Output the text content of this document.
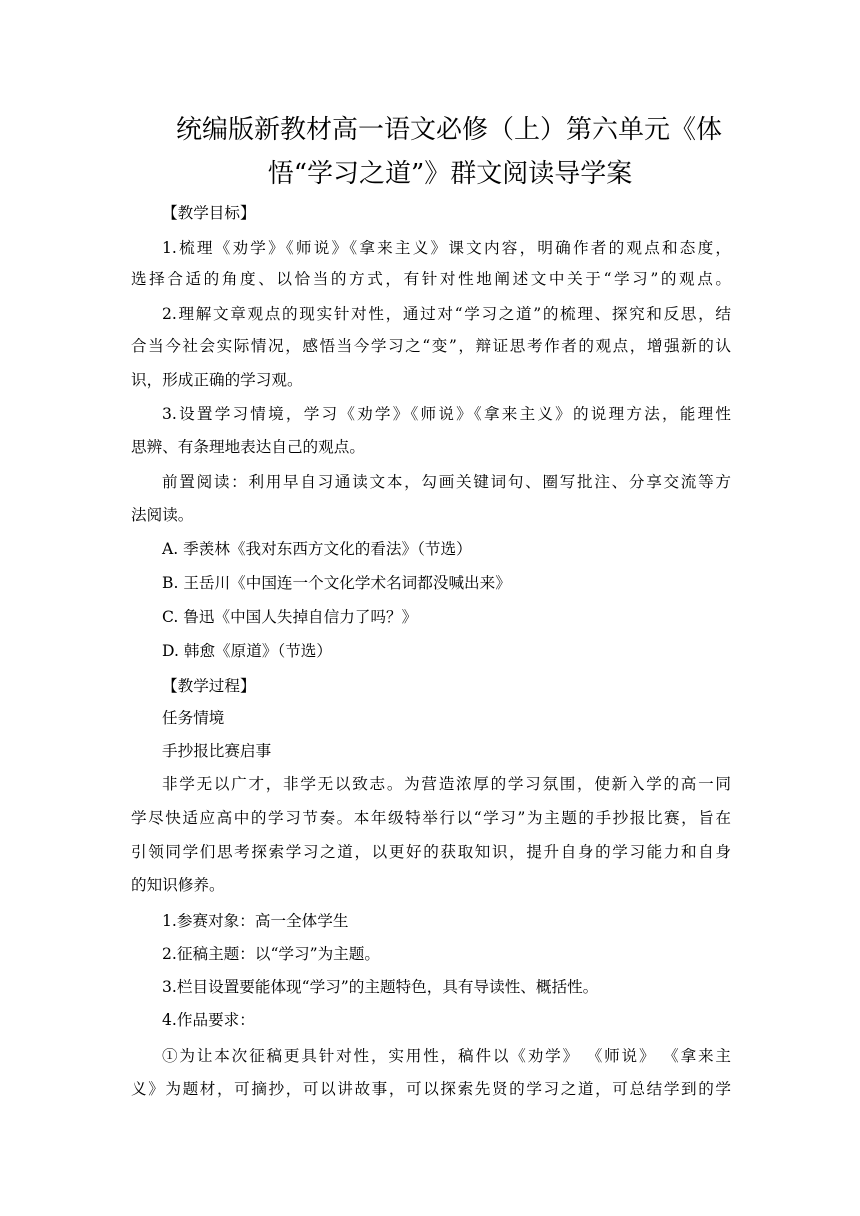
统编版新教材高一语文必修（上）第六单元《体
悟“学习之道”》群文阅读导学案
【教学目标】
1.梳理《劝学》《师说》《拿来主义》课文内容，明确作者的观点和态度，
选择合适的角度、以恰当的方式，有针对性地阐述文中关于“学习”的观点。
2.理解文章观点的现实针对性，通过对“学习之道”的梳理、探究和反思，结
合当今社会实际情况，感悟当今学习之“变”，辩证思考作者的观点，增强新的认
识，形成正确的学习观。
3.设置学习情境，学习《劝学》《师说》《拿来主义》的说理方法，能理性
思辨、有条理地表达自己的观点。
前置阅读：利用早自习通读文本，勾画关键词句、圈写批注、分享交流等方
法阅读。
A. 季羡林《我对东西方文化的看法》（节选）
B. 王岳川《中国连一个文化学术名词都没喊出来》
C. 鲁迅《中国人失掉自信力了吗？》
D. 韩愈《原道》（节选）
【教学过程】
任务情境
手抄报比赛启事
非学无以广才，非学无以致志。为营造浓厚的学习氛围，使新入学的高一同
学尽快适应高中的学习节奏。本年级特举行以“学习”为主题的手抄报比赛，旨在
引领同学们思考探索学习之道，以更好的获取知识，提升自身的学习能力和自身
的知识修养。
1.参赛对象：高一全体学生
2.征稿主题：以“学习”为主题。
3.栏目设置要能体现“学习”的主题特色，具有导读性、概括性。
4.作品要求：
①为让本次征稿更具针对性，实用性，稿件以《劝学》 《师说》 《拿来主
义》为题材，可摘抄，可以讲故事，可以探索先贤的学习之道，可总结学到的学
